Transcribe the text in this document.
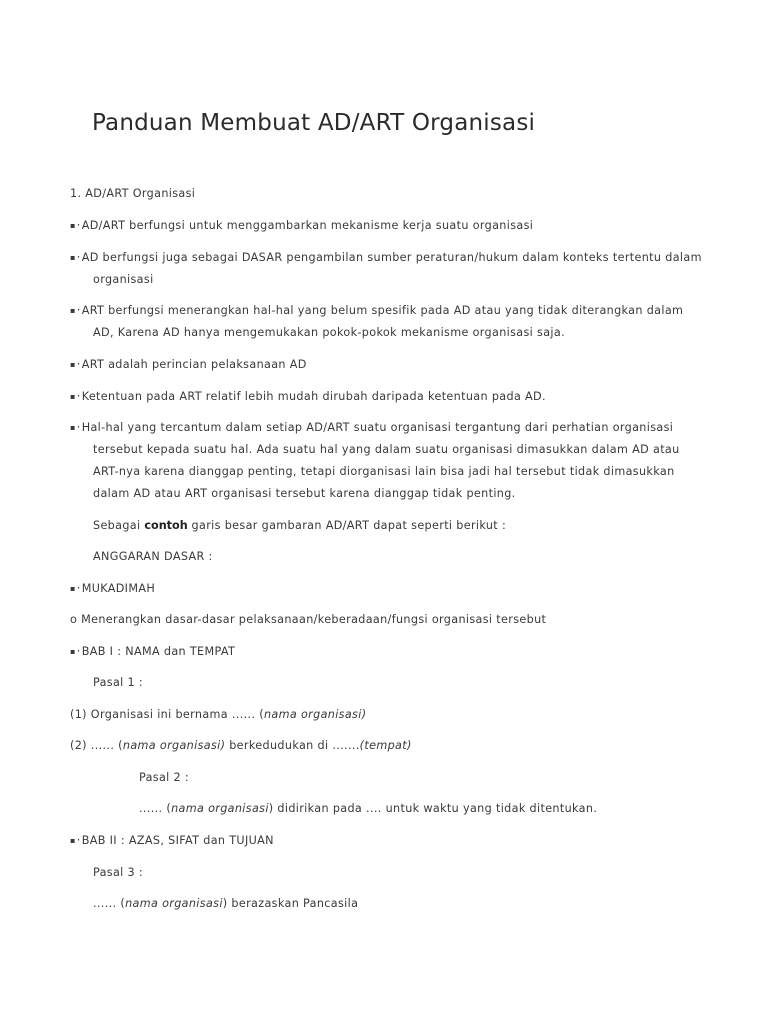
Panduan Membuat AD/ART Organisasi
1. AD/ART Organisasi
▪·AD/ART berfungsi untuk menggambarkan mekanisme kerja suatu organisasi
▪·AD berfungsi juga sebagai DASAR pengambilan sumber peraturan/hukum dalam konteks tertentu dalam
organisasi
▪·ART berfungsi menerangkan hal-hal yang belum spesifik pada AD atau yang tidak diterangkan dalam
AD, Karena AD hanya mengemukakan pokok-pokok mekanisme organisasi saja.
▪·ART adalah perincian pelaksanaan AD
▪·Ketentuan pada ART relatif lebih mudah dirubah daripada ketentuan pada AD.
▪·Hal-hal yang tercantum dalam setiap AD/ART suatu organisasi tergantung dari perhatian organisasi
tersebut kepada suatu hal. Ada suatu hal yang dalam suatu organisasi dimasukkan dalam AD atau
ART-nya karena dianggap penting, tetapi diorganisasi lain bisa jadi hal tersebut tidak dimasukkan
dalam AD atau ART organisasi tersebut karena dianggap tidak penting.
Sebagai contoh garis besar gambaran AD/ART dapat seperti berikut :
ANGGARAN DASAR :
▪·MUKADIMAH
o Menerangkan dasar-dasar pelaksanaan/keberadaan/fungsi organisasi tersebut
▪·BAB I : NAMA dan TEMPAT
Pasal 1 :
(1) Organisasi ini bernama ...... (nama organisasi)
(2) ...... (nama organisasi) berkedudukan di .......(tempat)
Pasal 2 :
...... (nama organisasi) didirikan pada .... untuk waktu yang tidak ditentukan.
▪·BAB II : AZAS, SIFAT dan TUJUAN
Pasal 3 :
...... (nama organisasi) berazaskan Pancasila
